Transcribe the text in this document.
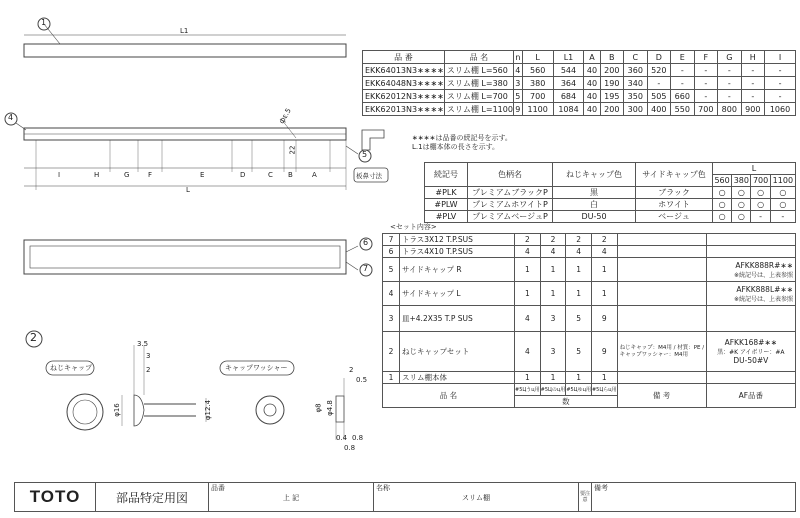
1
L1
4	фε.5
22
L
I	H	G	F	E	D	C B	A
5
板鼻寸法
6
7
2
ねじキャップ	キャップワッシャー
3.5
3
2
φ16	φ12.4
2
0.5
φ8 φ4.8
0.4 0.8
0.8
品 番	品 名	n	L	L1	A	B	C	D	E	F	G	H	I
EKK64013N3∗∗∗∗	スリム棚 L=560	4	560	544	40	200	360	520	-	-	-	-	-
EKK64048N3∗∗∗∗	スリム棚 L=380	3	380	364	40	190	340	-	-	-	-	-	-
EKK62012N3∗∗∗∗	スリム棚 L=700	5	700	684	40	195	350	505	660	-	-	-	-
EKK62013N3∗∗∗∗	スリム棚 L=1100	9	1100	1084	40	200	300	400	550	700	800	900	1060
∗∗∗∗は品番の続記号を示す。
L.1は棚本体の長さを示す。
続記号	色柄名	ねじキャップ色	サイドキャップ色	L			
				560	380	700	1100
#PLK	プレミアムブラックP	黒	ブラック	○	○	○	○
#PLW	プレミアムホワイトP	白	ホワイト	○	○	○	○
#PLV	プレミアムベージュP	DU-50	ベージュ	○	○	-	-
<セット内容>
7	トラス3X12 T.P.SUS	2	2	2	2		
6	トラス4X10 T.P.SUS	4	4	4	4		
5	サイドキャップ R	1	1	1	1		AFKK888R#∗∗
※続記号は、上表参照

4	サイドキャップ L	1	1	1	1		AFKK888L#∗∗
※続記号は、上表参照

3	皿+4.2X35 T.P SUS	4	3	5	9		
2	ねじキャップセット	4	3	5	9	ねじキャップ：M4用 / 材質：PE / キャップワッシャー：M4用	AFKK168#∗∗
黒：#K アイボリー：#A
DU-50#V

1	スリム棚本体	1	1	1	1		
品 名		#5Цうц用	#5Цのц用	#5Цゆц用	#5Цらц用	備 考	AF品番
		数					
TOTO	部品特定用図	
品番
上 記

名称
スリム棚	要注意	備考
